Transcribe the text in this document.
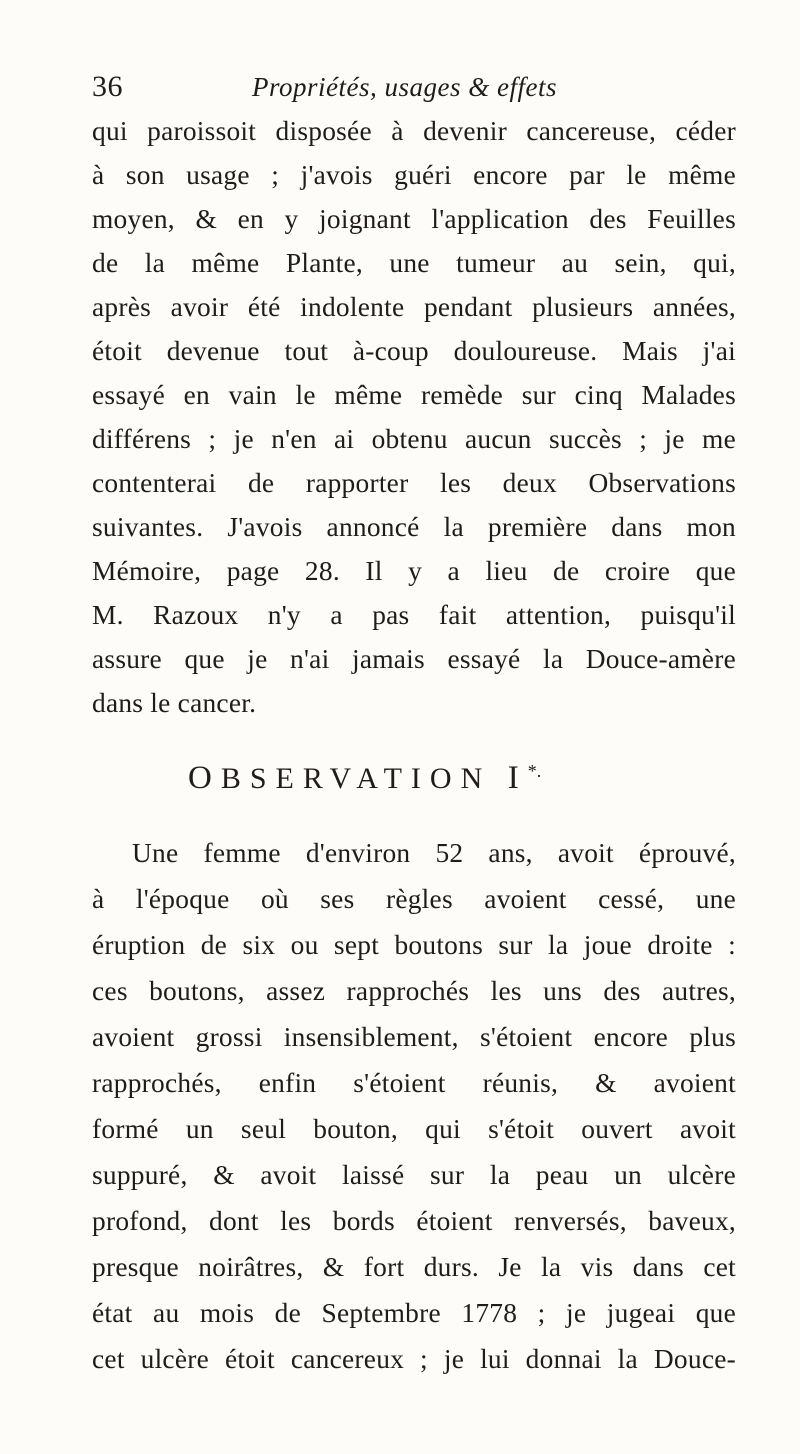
36	Propriétés, usages & effets
qui paroissoit disposée à devenir cancereuse, céder
à son usage ; j'avois guéri encore par le même
moyen, & en y joignant l'application des Feuilles
de la même Plante, une tumeur au sein, qui,
après avoir été indolente pendant plusieurs années,
étoit devenue tout à-coup douloureuse. Mais j'ai
essayé en vain le même remède sur cinq Malades
différens ; je n'en ai obtenu aucun succès ; je me
contenterai de rapporter les deux Observations
suivantes. J'avois annoncé la première dans mon
Mémoire, page 28. Il y a lieu de croire que
M. Razoux n'y a pas fait attention, puisqu'il
assure que je n'ai jamais essayé la Douce-amère
dans le cancer.
OBSERVATION I*.
Une femme d'environ 52 ans, avoit éprouvé,
à l'époque où ses règles avoient cessé, une
éruption de six ou sept boutons sur la joue droite :
ces boutons, assez rapprochés les uns des autres,
avoient grossi insensiblement, s'étoient encore plus
rapprochés, enfin s'étoient réunis, & avoient
formé un seul bouton, qui s'étoit ouvert avoit
suppuré, & avoit laissé sur la peau un ulcère
profond, dont les bords étoient renversés, baveux,
presque noirâtres, & fort durs. Je la vis dans cet
état au mois de Septembre 1778 ; je jugeai que
cet ulcère étoit cancereux ; je lui donnai la Douce-
